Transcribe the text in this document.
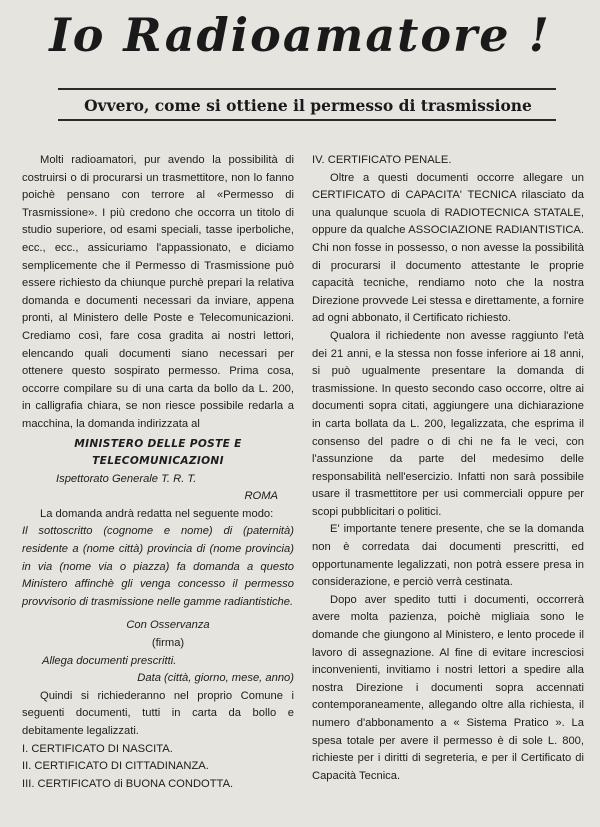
Io Radioamatore !
Ovvero, come si ottiene il permesso di trasmissione

Molti radioamatori, pur avendo la possibilità di costruirsi o di procurarsi un trasmettitore, non lo fanno poichè pensano con terrore al «Permesso di Trasmissione». I più credono che occorra un titolo di studio superiore, od esami speciali, tasse iperboliche, ecc., ecc., assicuriamo l'appassionato, e diciamo semplicemente che il Permesso di Trasmissione può essere richiesto da chiunque purchè prepari la relativa domanda e documenti necessari da inviare, appena pronti, al Ministero delle Poste e Telecomunicazioni. Crediamo così, fare cosa gradita ai nostri lettori, elencando quali documenti siano necessari per ottenere questo sospirato permesso. Prima cosa, occorre compilare su di una carta da bollo da L. 200, in calligrafia chiara, se non riesce possibile redarla a macchina, la domanda indirizzata al

MINISTERO DELLE POSTE E

TELECOMUNICAZIONI

Ispettorato Generale T. R. T.

ROMA

La domanda andrà redatta nel seguente modo:

Il sottoscritto (cognome e nome) di (paternità) residente a (nome città) provincia di (nome provincia) in via (nome via o piazza) fa domanda a questo Ministero affinchè gli venga concesso il permesso provvisorio di trasmissione nelle gamme radiantistiche.

Con Osservanza

(firma)

Allega documenti prescritti.

Data (città, giorno, mese, anno)

Quindi si richiederanno nel proprio Comune i seguenti documenti, tutti in carta da bollo e debitamente legalizzati.

I. CERTIFICATO DI NASCITA.

II. CERTIFICATO DI CITTADINANZA.

III. CERTIFICATO di BUONA CONDOTTA.

IV. CERTIFICATO PENALE.

Oltre a questi documenti occorre allegare un CERTIFICATO di CAPACITA' TECNICA rilasciato da una qualunque scuola di RADIOTECNICA STATALE, oppure da qualche ASSOCIAZIONE RADIANTISTICA. Chi non fosse in possesso, o non avesse la possibilità di procurarsi il documento attestante le proprie capacità tecniche, rendiamo noto che la nostra Direzione provvede Lei stessa e direttamente, a fornire ad ogni abbonato, il Certificato richiesto.

Qualora il richiedente non avesse raggiunto l'età dei 21 anni, e la stessa non fosse inferiore ai 18 anni, si può ugualmente presentare la domanda di trasmissione. In questo secondo caso occorre, oltre ai documenti sopra citati, aggiungere una dichiarazione in carta bollata da L. 200, legalizzata, che esprima il consenso del padre o di chi ne fa le veci, con l'assunzione da parte del medesimo delle responsabilità nell'esercizio. Infatti non sarà possibile usare il trasmettitore per usi commerciali oppure per scopi pubblicitari o politici.

E' importante tenere presente, che se la domanda non è corredata dai documenti prescritti, ed opportunamente legalizzati, non potrà essere presa in considerazione, e perciò verrà cestinata.

Dopo aver spedito tutti i documenti, occorrerà avere molta pazienza, poichè migliaia sono le domande che giungono al Ministero, e lento procede il lavoro di assegnazione. Al fine di evitare incresciosi inconvenienti, invitiamo i nostri lettori a spedire alla nostra Direzione i documenti sopra accennati contemporaneamente, allegando oltre alla richiesta, il numero d'abbonamento a « Sistema Pratico ». La spesa totale per avere il permesso è di sole L. 800, richieste per i diritti di segreteria, e per il Certificato di Capacità Tecnica.
